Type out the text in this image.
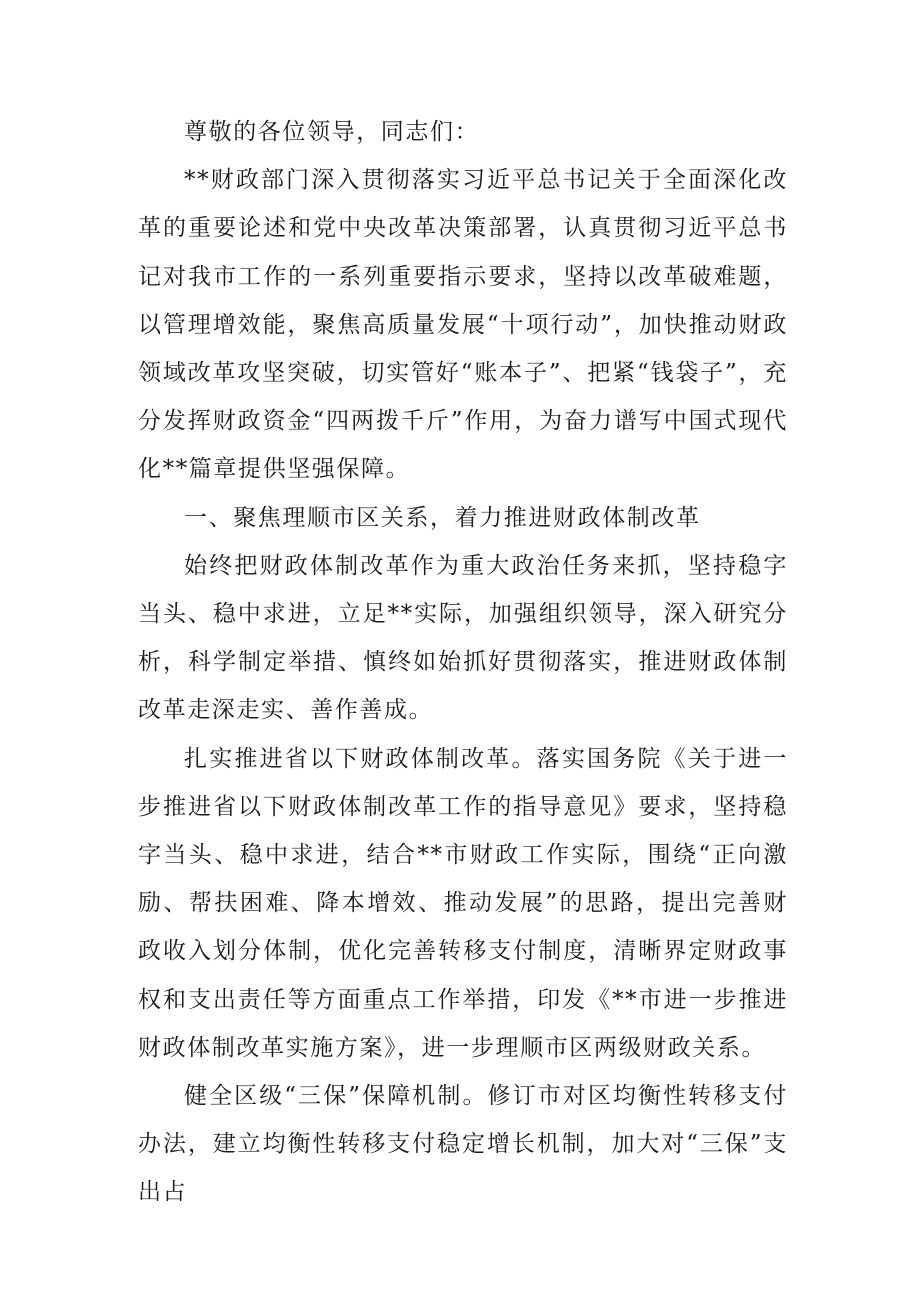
尊敬的各位领导，同志们：

**财政部门深入贯彻落实习近平总书记关于全面深化改革的重要论述和党中央改革决策部署，认真贯彻习近平总书记对我市工作的一系列重要指示要求，坚持以改革破难题，以管理增效能，聚焦高质量发展“十项行动”，加快推动财政领域改革攻坚突破，切实管好“账本子”、把紧“钱袋子”，充分发挥财政资金“四两拨千斤”作用，为奋力谱写中国式现代化**篇章提供坚强保障。

一、聚焦理顺市区关系，着力推进财政体制改革

始终把财政体制改革作为重大政治任务来抓，坚持稳字当头、稳中求进，立足**实际，加强组织领导，深入研究分析，科学制定举措、慎终如始抓好贯彻落实，推进财政体制改革走深走实、善作善成。

扎实推进省以下财政体制改革。落实国务院《关于进一步推进省以下财政体制改革工作的指导意见》要求，坚持稳字当头、稳中求进，结合**市财政工作实际，围绕“正向激励、帮扶困难、降本增效、推动发展”的思路，提出完善财政收入划分体制，优化完善转移支付制度，清晰界定财政事权和支出责任等方面重点工作举措，印发《**市进一步推进财政体制改革实施方案》，进一步理顺市区两级财政关系。

健全区级“三保”保障机制。修订市对区均衡性转移支付办法，建立均衡性转移支付稳定增长机制，加大对“三保”支出占
